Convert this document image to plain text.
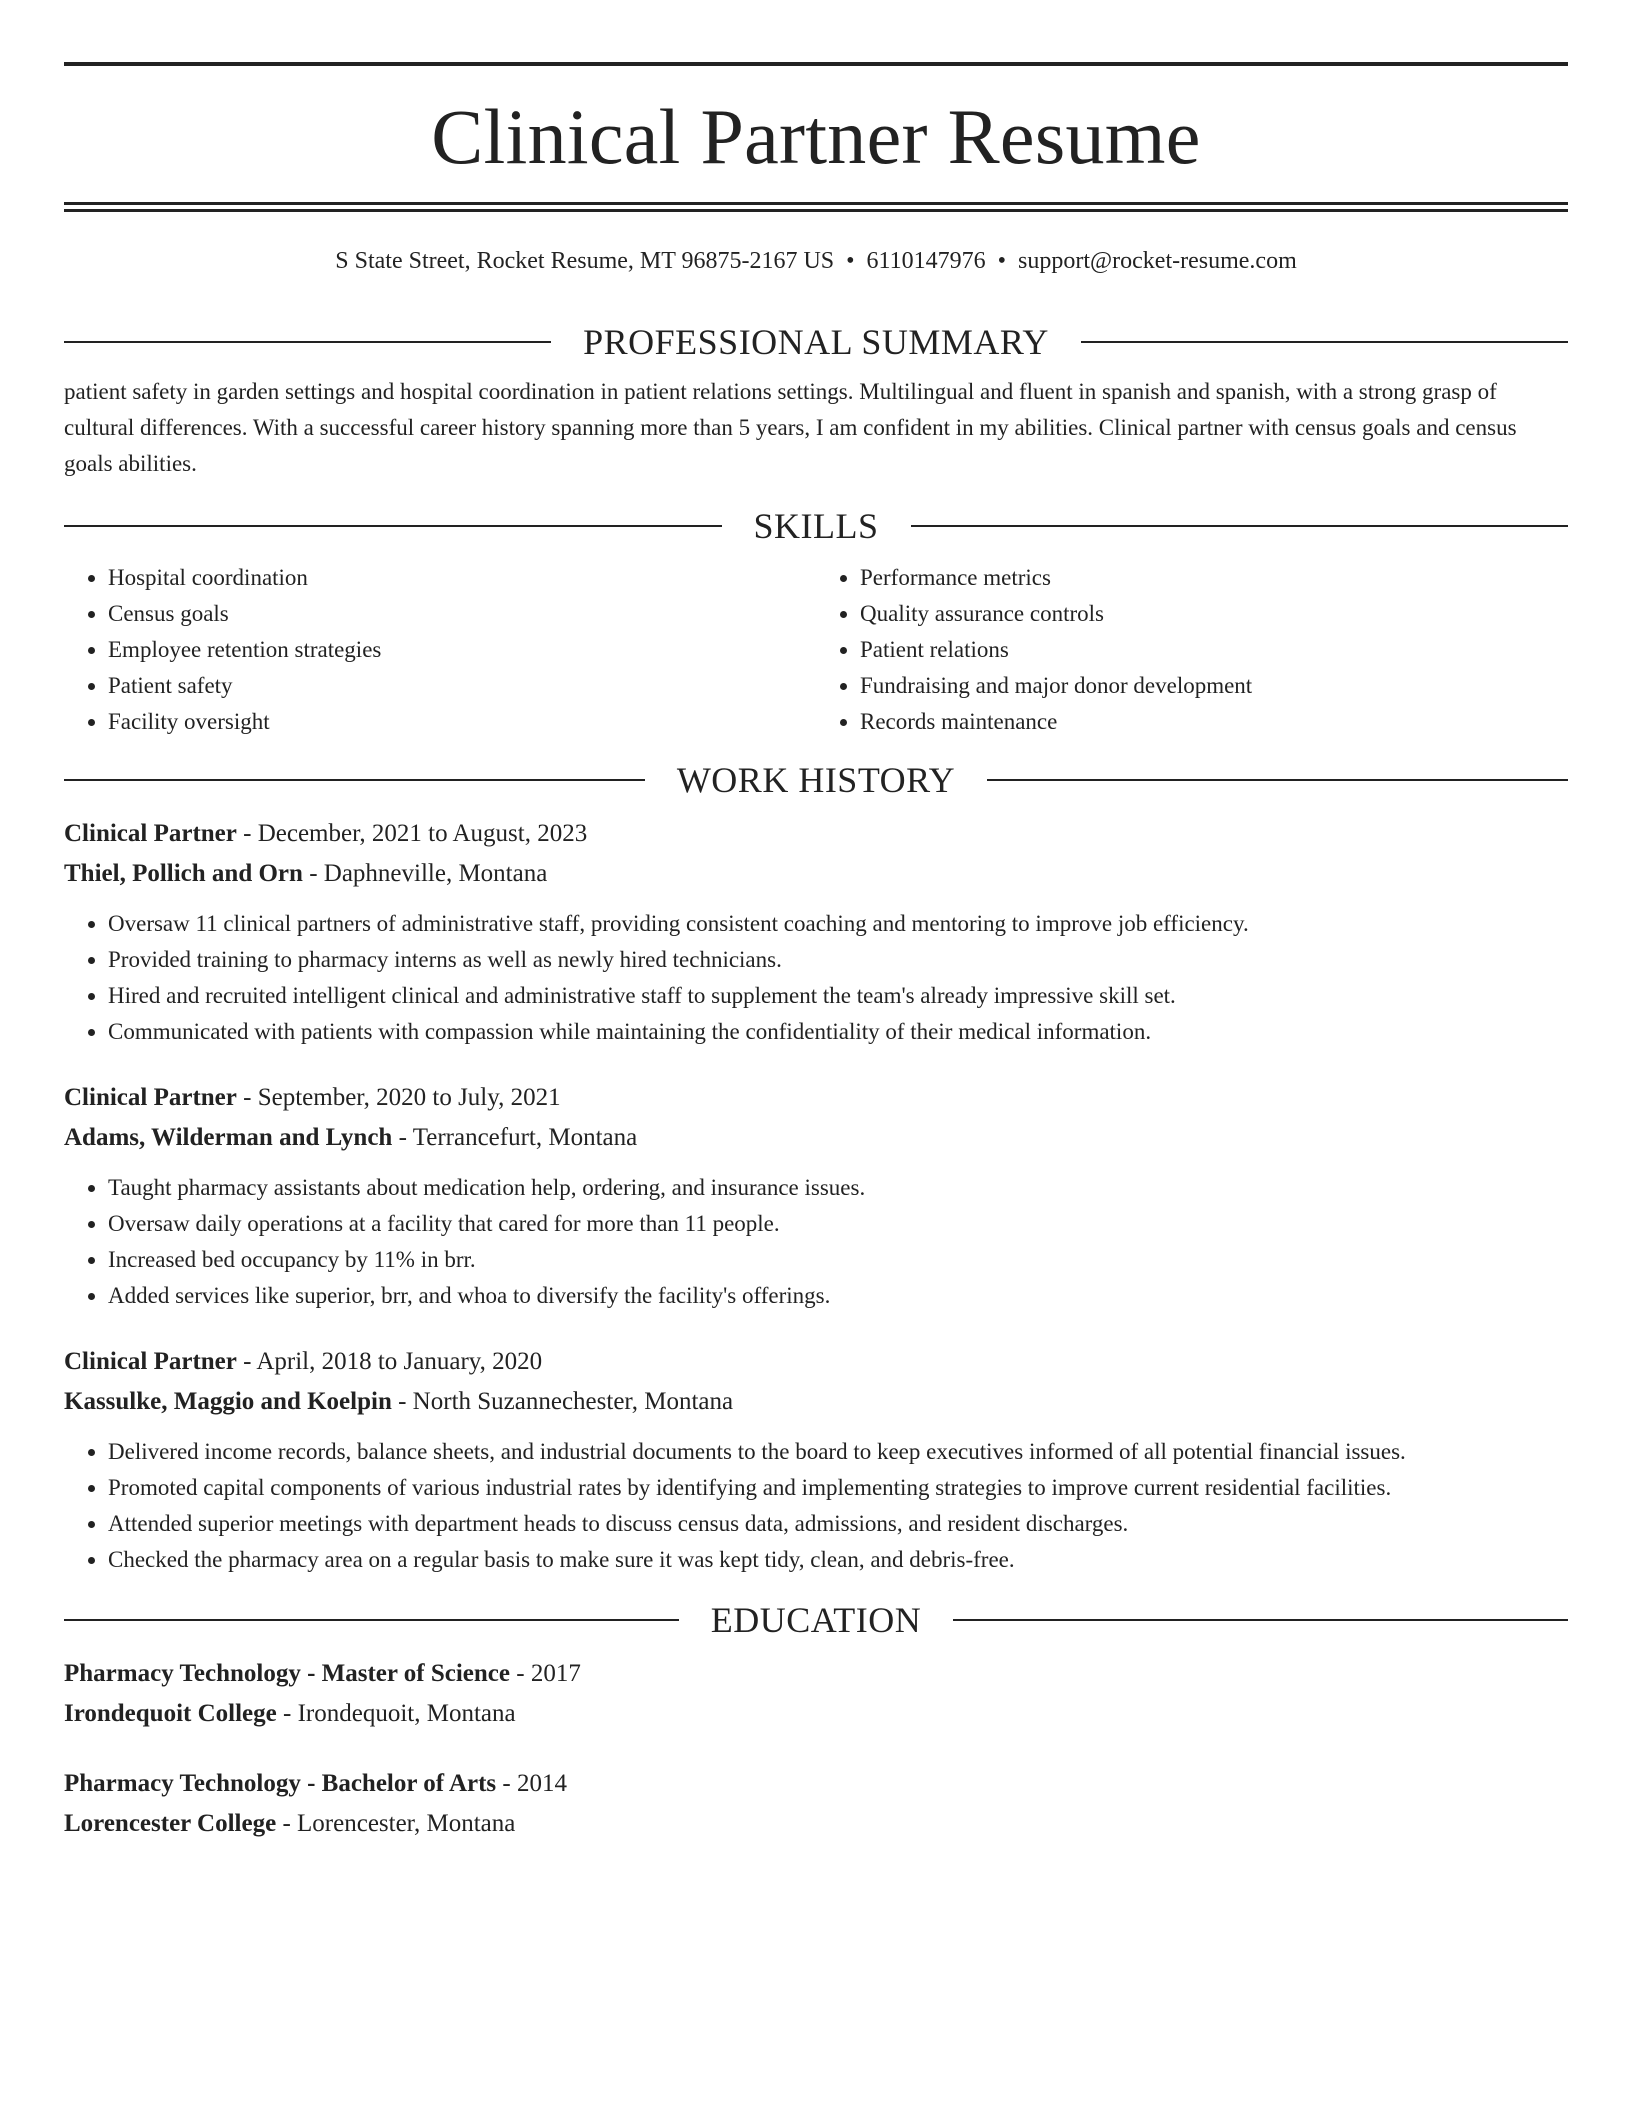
Clinical Partner Resume
S State Street, Rocket Resume, MT 96875-2167 US • 6110147976 • support@rocket-resume.com
PROFESSIONAL SUMMARY
patient safety in garden settings and hospital coordination in patient relations settings. Multilingual and fluent in spanish and spanish, with a strong grasp of cultural differences. With a successful career history spanning more than 5 years, I am confident in my abilities. Clinical partner with census goals and census goals abilities.
SKILLS
• Hospital coordination
• Census goals
• Employee retention strategies
• Patient safety
• Facility oversight
• Performance metrics
• Quality assurance controls
• Patient relations
• Fundraising and major donor development
• Records maintenance
WORK HISTORY
Clinical Partner - December, 2021 to August, 2023
Thiel, Pollich and Orn - Daphneville, Montana
• Oversaw 11 clinical partners of administrative staff, providing consistent coaching and mentoring to improve job efficiency.
• Provided training to pharmacy interns as well as newly hired technicians.
• Hired and recruited intelligent clinical and administrative staff to supplement the team's already impressive skill set.
• Communicated with patients with compassion while maintaining the confidentiality of their medical information.
Clinical Partner - September, 2020 to July, 2021
Adams, Wilderman and Lynch - Terrancefurt, Montana
• Taught pharmacy assistants about medication help, ordering, and insurance issues.
• Oversaw daily operations at a facility that cared for more than 11 people.
• Increased bed occupancy by 11% in brr.
• Added services like superior, brr, and whoa to diversify the facility's offerings.
Clinical Partner - April, 2018 to January, 2020
Kassulke, Maggio and Koelpin - North Suzannechester, Montana
• Delivered income records, balance sheets, and industrial documents to the board to keep executives informed of all potential financial issues.
• Promoted capital components of various industrial rates by identifying and implementing strategies to improve current residential facilities.
• Attended superior meetings with department heads to discuss census data, admissions, and resident discharges.
• Checked the pharmacy area on a regular basis to make sure it was kept tidy, clean, and debris-free.
EDUCATION
Pharmacy Technology - Master of Science - 2017
Irondequoit College - Irondequoit, Montana
Pharmacy Technology - Bachelor of Arts - 2014
Lorencester College - Lorencester, Montana
